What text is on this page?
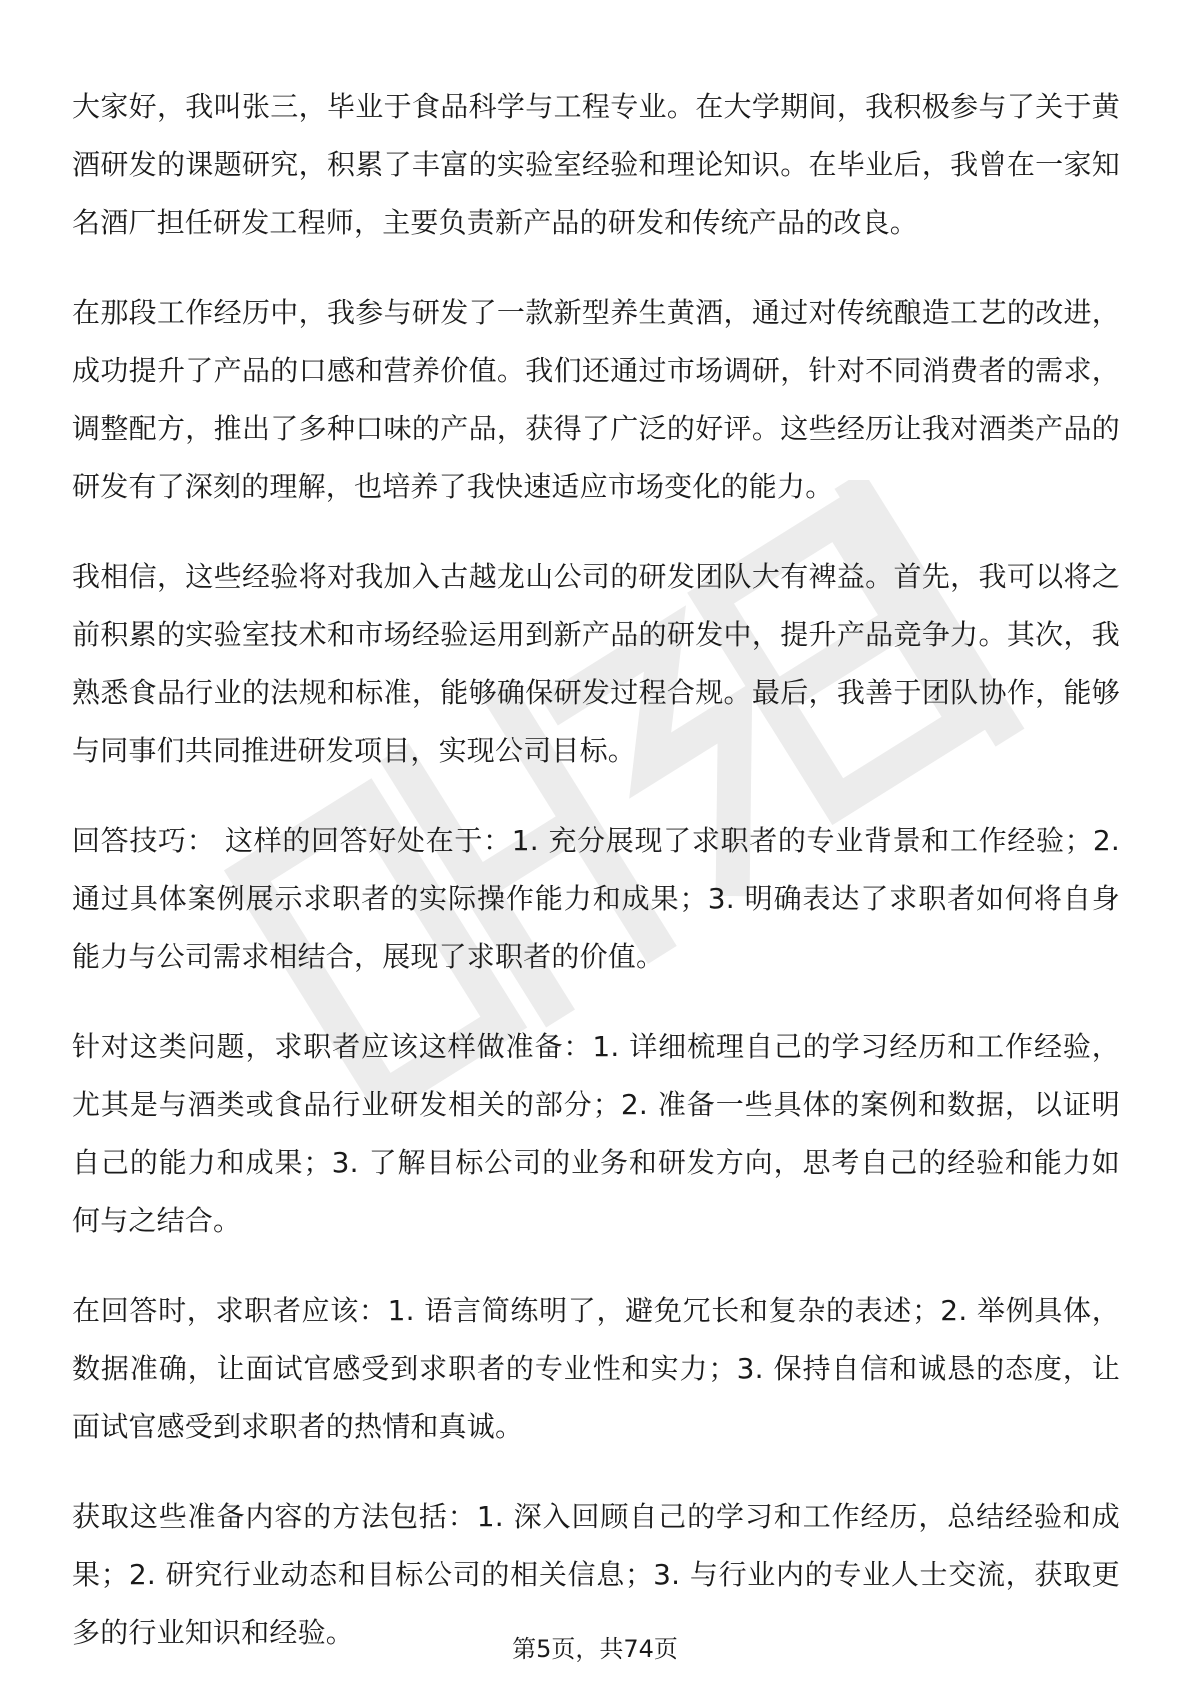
大家好，我叫张三，毕业于食品科学与工程专业。在大学期间，我积极参与了关于黄酒研发的课题研究，积累了丰富的实验室经验和理论知识。在毕业后，我曾在一家知名酒厂担任研发工程师，主要负责新产品的研发和传统产品的改良。

在那段工作经历中，我参与研发了一款新型养生黄酒，通过对传统酿造工艺的改进，成功提升了产品的口感和营养价值。我们还通过市场调研，针对不同消费者的需求，调整配方，推出了多种口味的产品，获得了广泛的好评。这些经历让我对酒类产品的研发有了深刻的理解，也培养了我快速适应市场变化的能力。

我相信，这些经验将对我加入古越龙山公司的研发团队大有裨益。首先，我可以将之前积累的实验室技术和市场经验运用到新产品的研发中，提升产品竞争力。其次，我熟悉食品行业的法规和标准，能够确保研发过程合规。最后，我善于团队协作，能够与同事们共同推进研发项目，实现公司目标。

回答技巧： 这样的回答好处在于：1. 充分展现了求职者的专业背景和工作经验；2. 通过具体案例展示求职者的实际操作能力和成果；3. 明确表达了求职者如何将自身能力与公司需求相结合，展现了求职者的价值。

针对这类问题，求职者应该这样做准备：1. 详细梳理自己的学习经历和工作经验，尤其是与酒类或食品行业研发相关的部分；2. 准备一些具体的案例和数据，以证明自己的能力和成果；3. 了解目标公司的业务和研发方向，思考自己的经验和能力如何与之结合。

在回答时，求职者应该：1. 语言简练明了，避免冗长和复杂的表述；2. 举例具体，数据准确，让面试官感受到求职者的专业性和实力；3. 保持自信和诚恳的态度，让面试官感受到求职者的热情和真诚。

获取这些准备内容的方法包括：1. 深入回顾自己的学习和工作经历，总结经验和成果；2. 研究行业动态和目标公司的相关信息；3. 与行业内的专业人士交流，获取更多的行业知识和经验。	第5页，共74页
